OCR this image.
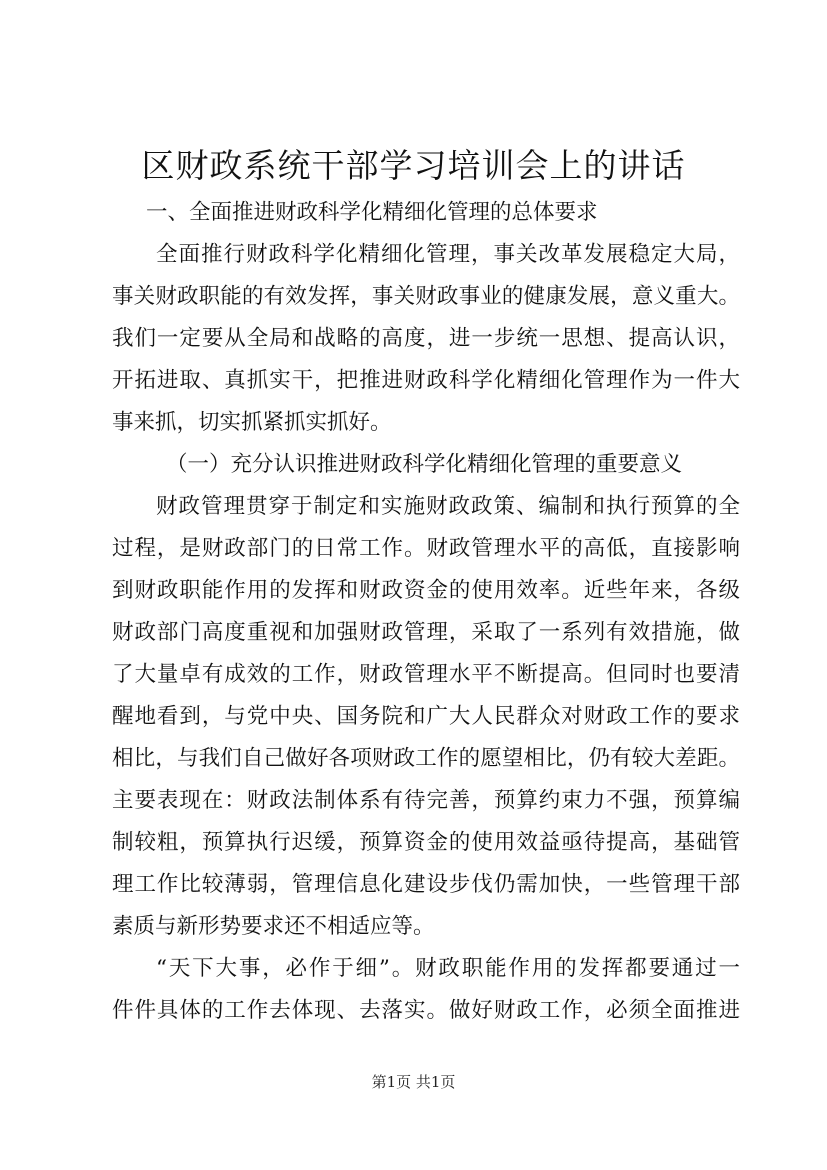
区财政系统干部学习培训会上的讲话
一、全面推进财政科学化精细化管理的总体要求
全面推行财政科学化精细化管理，事关改革发展稳定大局，
事关财政职能的有效发挥，事关财政事业的健康发展，意义重大。
我们一定要从全局和战略的高度，进一步统一思想、提高认识，
开拓进取、真抓实干，把推进财政科学化精细化管理作为一件大
事来抓，切实抓紧抓实抓好。
（一）充分认识推进财政科学化精细化管理的重要意义
财政管理贯穿于制定和实施财政政策、编制和执行预算的全
过程，是财政部门的日常工作。财政管理水平的高低，直接影响
到财政职能作用的发挥和财政资金的使用效率。近些年来，各级
财政部门高度重视和加强财政管理，采取了一系列有效措施，做
了大量卓有成效的工作，财政管理水平不断提高。但同时也要清
醒地看到，与党中央、国务院和广大人民群众对财政工作的要求
相比，与我们自己做好各项财政工作的愿望相比，仍有较大差距。
主要表现在：财政法制体系有待完善，预算约束力不强，预算编
制较粗，预算执行迟缓，预算资金的使用效益亟待提高，基础管
理工作比较薄弱，管理信息化建设步伐仍需加快，一些管理干部
素质与新形势要求还不相适应等。
“天下大事，必作于细”。财政职能作用的发挥都要通过一
件件具体的工作去体现、去落实。做好财政工作，必须全面推进
第1页 共1页
